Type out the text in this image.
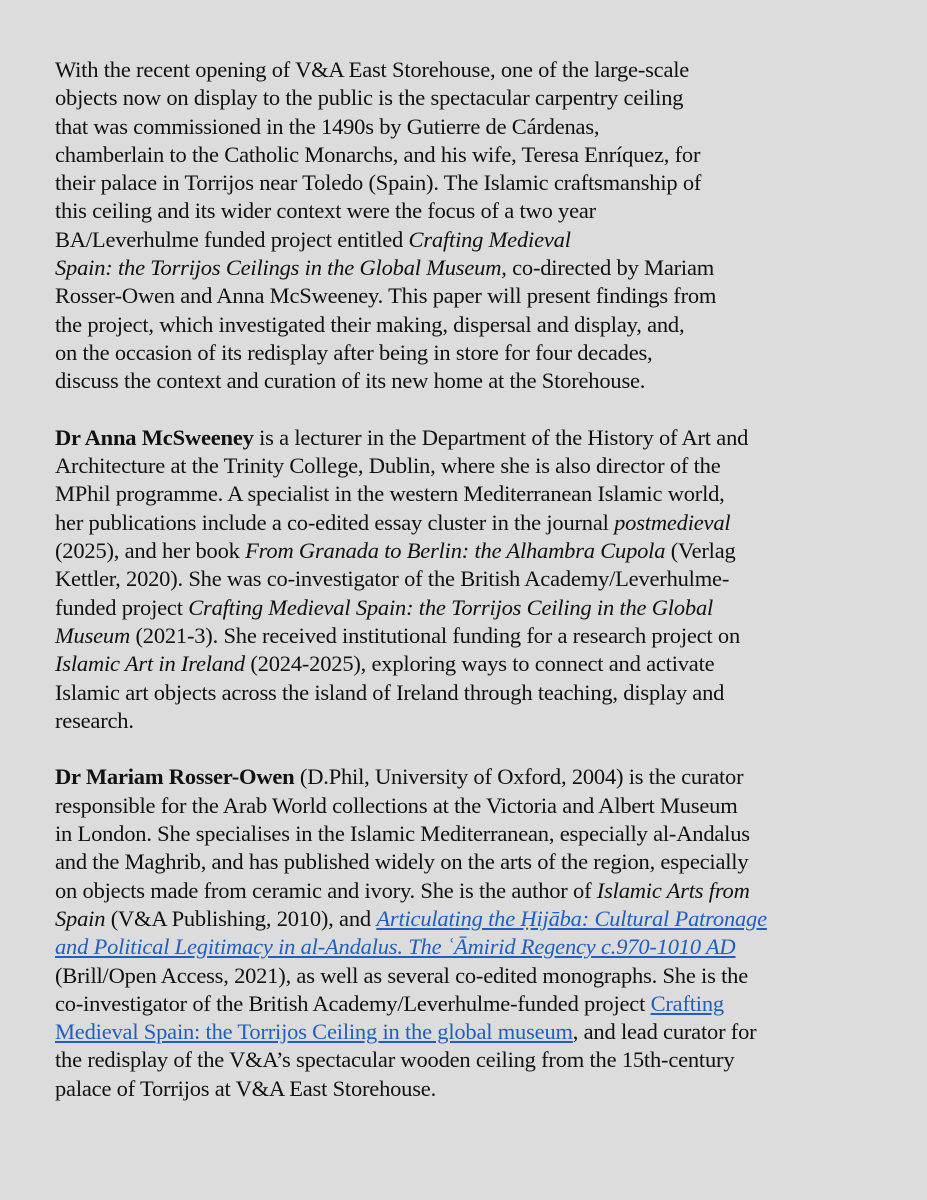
With the recent opening of V&A East Storehouse, one of the large-scale
objects now on display to the public is the spectacular carpentry ceiling
that was commissioned in the 1490s by Gutierre de Cárdenas,
chamberlain to the Catholic Monarchs, and his wife, Teresa Enríquez, for
their palace in Torrijos near Toledo (Spain). The Islamic craftsmanship of
this ceiling and its wider context were the focus of a two year
BA/Leverhulme funded project entitled Crafting Medieval
Spain: the Torrijos Ceilings in the Global Museum, co-directed by Mariam
Rosser-Owen and Anna McSweeney. This paper will present findings from
the project, which investigated their making, dispersal and display, and,
on the occasion of its redisplay after being in store for four decades,
discuss the context and curation of its new home at the Storehouse.
Dr Anna McSweeney is a lecturer in the Department of the History of Art and
Architecture at the Trinity College, Dublin, where she is also director of the
MPhil programme. A specialist in the western Mediterranean Islamic world,
her publications include a co-edited essay cluster in the journal postmedieval
(2025), and her book From Granada to Berlin: the Alhambra Cupola (Verlag
Kettler, 2020). She was co-investigator of the British Academy/Leverhulme-
funded project Crafting Medieval Spain: the Torrijos Ceiling in the Global
Museum (2021-3). She received institutional funding for a research project on
Islamic Art in Ireland (2024-2025), exploring ways to connect and activate
Islamic art objects across the island of Ireland through teaching, display and
research.
Dr Mariam Rosser-Owen (D.Phil, University of Oxford, 2004) is the curator
responsible for the Arab World collections at the Victoria and Albert Museum
in London. She specialises in the Islamic Mediterranean, especially al-Andalus
and the Maghrib, and has published widely on the arts of the region, especially
on objects made from ceramic and ivory. She is the author of Islamic Arts from
Spain (V&A Publishing, 2010), and Articulating the Ḥijāba: Cultural Patronage
and Political Legitimacy in al-Andalus. The ʿĀmirid Regency c.970-1010 AD
(Brill/Open Access, 2021), as well as several co-edited monographs. She is the
co-investigator of the British Academy/Leverhulme-funded project Crafting
Medieval Spain: the Torrijos Ceiling in the global museum, and lead curator for
the redisplay of the V&A’s spectacular wooden ceiling from the 15th-century
palace of Torrijos at V&A East Storehouse.
